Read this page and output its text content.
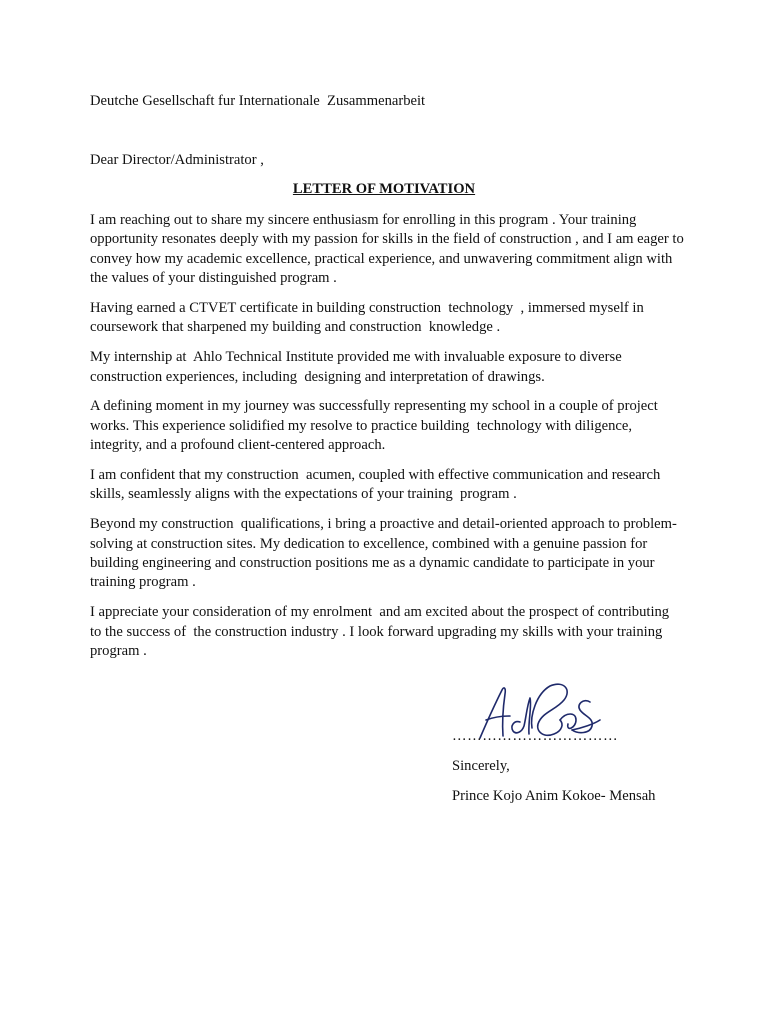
Deutche Gesellschaft fur Internationale  Zusammenarbeit

Dear Director/Administrator ,

LETTER OF MOTIVATION

I am reaching out to share my sincere enthusiasm for enrolling in this program . Your training opportunity resonates deeply with my passion for skills in the field of construction , and I am eager to convey how my academic excellence, practical experience, and unwavering commitment align with the values of your distinguished program .

Having earned a CTVET certificate in building construction  technology  , immersed myself in coursework that sharpened my building and construction  knowledge .

My internship at  Ahlo Technical Institute provided me with invaluable exposure to diverse construction experiences, including  designing and interpretation of drawings.

A defining moment in my journey was successfully representing my school in a couple of project works. This experience solidified my resolve to practice building  technology with diligence, integrity, and a profound client-centered approach.

I am confident that my construction  acumen, coupled with effective communication and research skills, seamlessly aligns with the expectations of your training  program .

Beyond my construction  qualifications, i bring a proactive and detail-oriented approach to problem-solving at construction sites. My dedication to excellence, combined with a genuine passion for building engineering and construction positions me as a dynamic candidate to participate in your training program .

I appreciate your consideration of my enrolment  and am excited about the prospect of contributing to the success of  the construction industry . I look forward upgrading my skills with your training  program .

……………………………

Sincerely,

Prince Kojo Anim Kokoe- Mensah
